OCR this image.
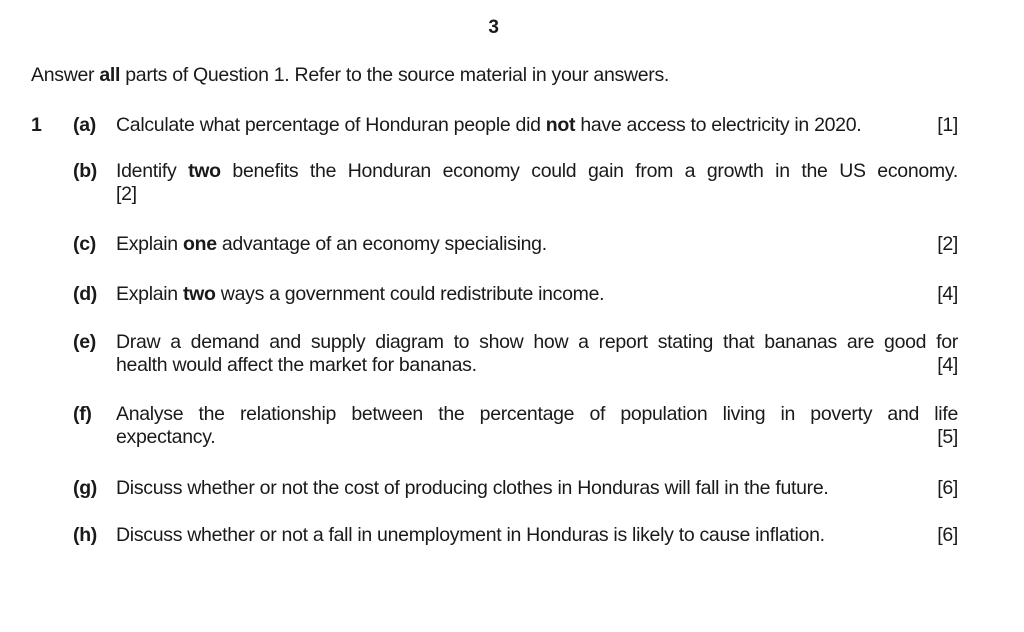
3
Answer all parts of Question 1. Refer to the source material in your answers.
1 (a) Calculate what percentage of Honduran people did not have access to electricity in 2020.	[1]
(b) Identify two benefits the Honduran economy could gain from a growth in the US economy.
[2]
(c) Explain one advantage of an economy specialising.	[2]
(d) Explain two ways a government could redistribute income.	[4]
(e) Draw a demand and supply diagram to show how a report stating that bananas are good for
health would affect the market for bananas.	[4]
(f) Analyse the relationship between the percentage of population living in poverty and life
expectancy.	[5]
(g) Discuss whether or not the cost of producing clothes in Honduras will fall in the future.	[6]
(h) Discuss whether or not a fall in unemployment in Honduras is likely to cause inflation.	[6]
